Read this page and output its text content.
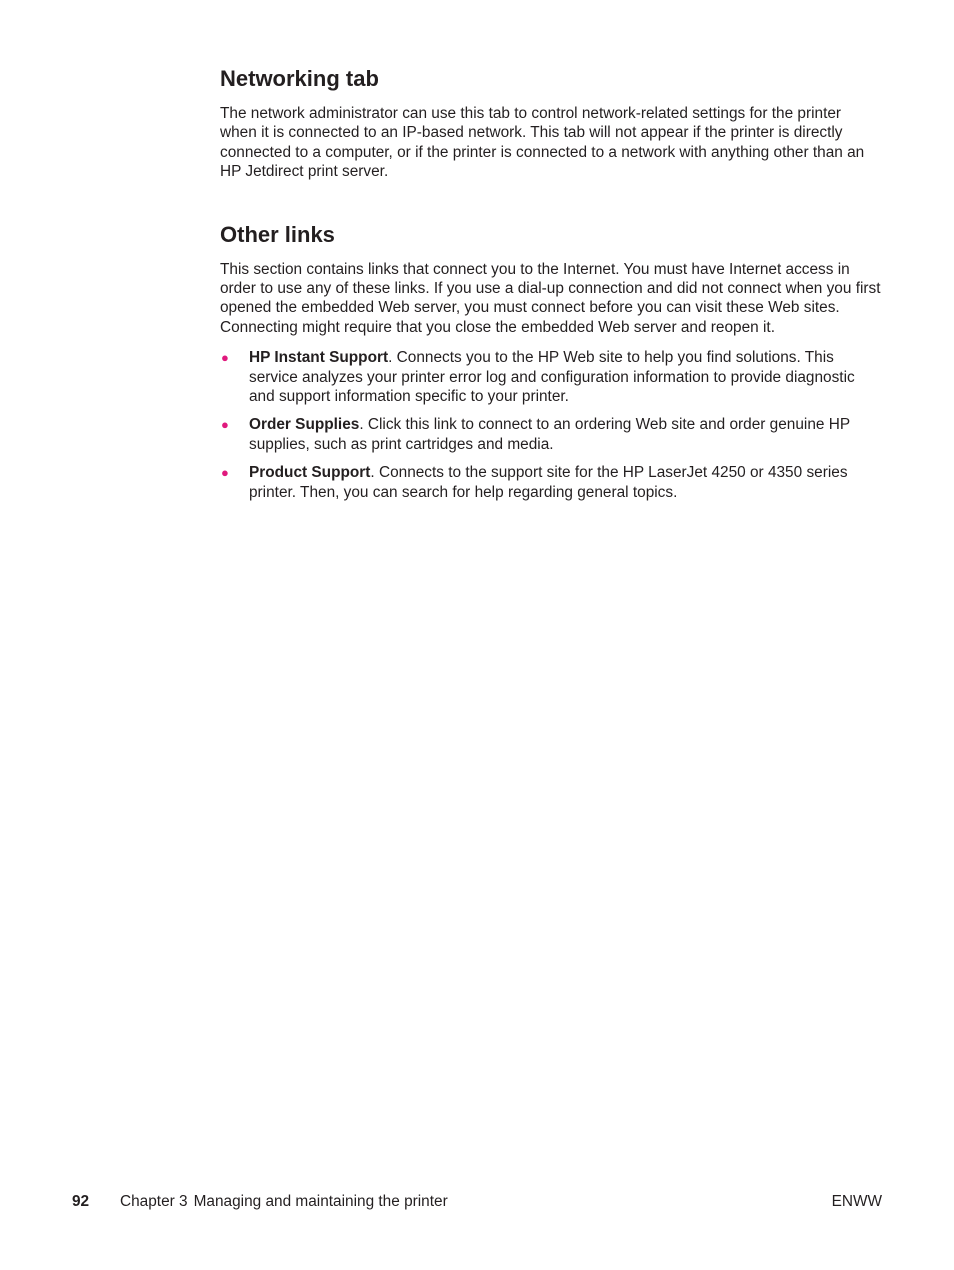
Networking tab

The network administrator can use this tab to control network-related settings for the printer when it is connected to an IP-based network. This tab will not appear if the printer is directly connected to a computer, or if the printer is connected to a network with anything other than an HP Jetdirect print server.

Other links

This section contains links that connect you to the Internet. You must have Internet access in order to use any of these links. If you use a dial-up connection and did not connect when you first opened the embedded Web server, you must connect before you can visit these Web sites. Connecting might require that you close the embedded Web server and reopen it.

● HP Instant Support. Connects you to the HP Web site to help you find solutions. This service analyzes your printer error log and configuration information to provide diagnostic and support information specific to your printer.
● Order Supplies. Click this link to connect to an ordering Web site and order genuine HP supplies, such as print cartridges and media.
● Product Support. Connects to the support site for the HP LaserJet 4250 or 4350 series printer. Then, you can search for help regarding general topics.
92 Chapter 3 Managing and maintaining the printer	ENWW
